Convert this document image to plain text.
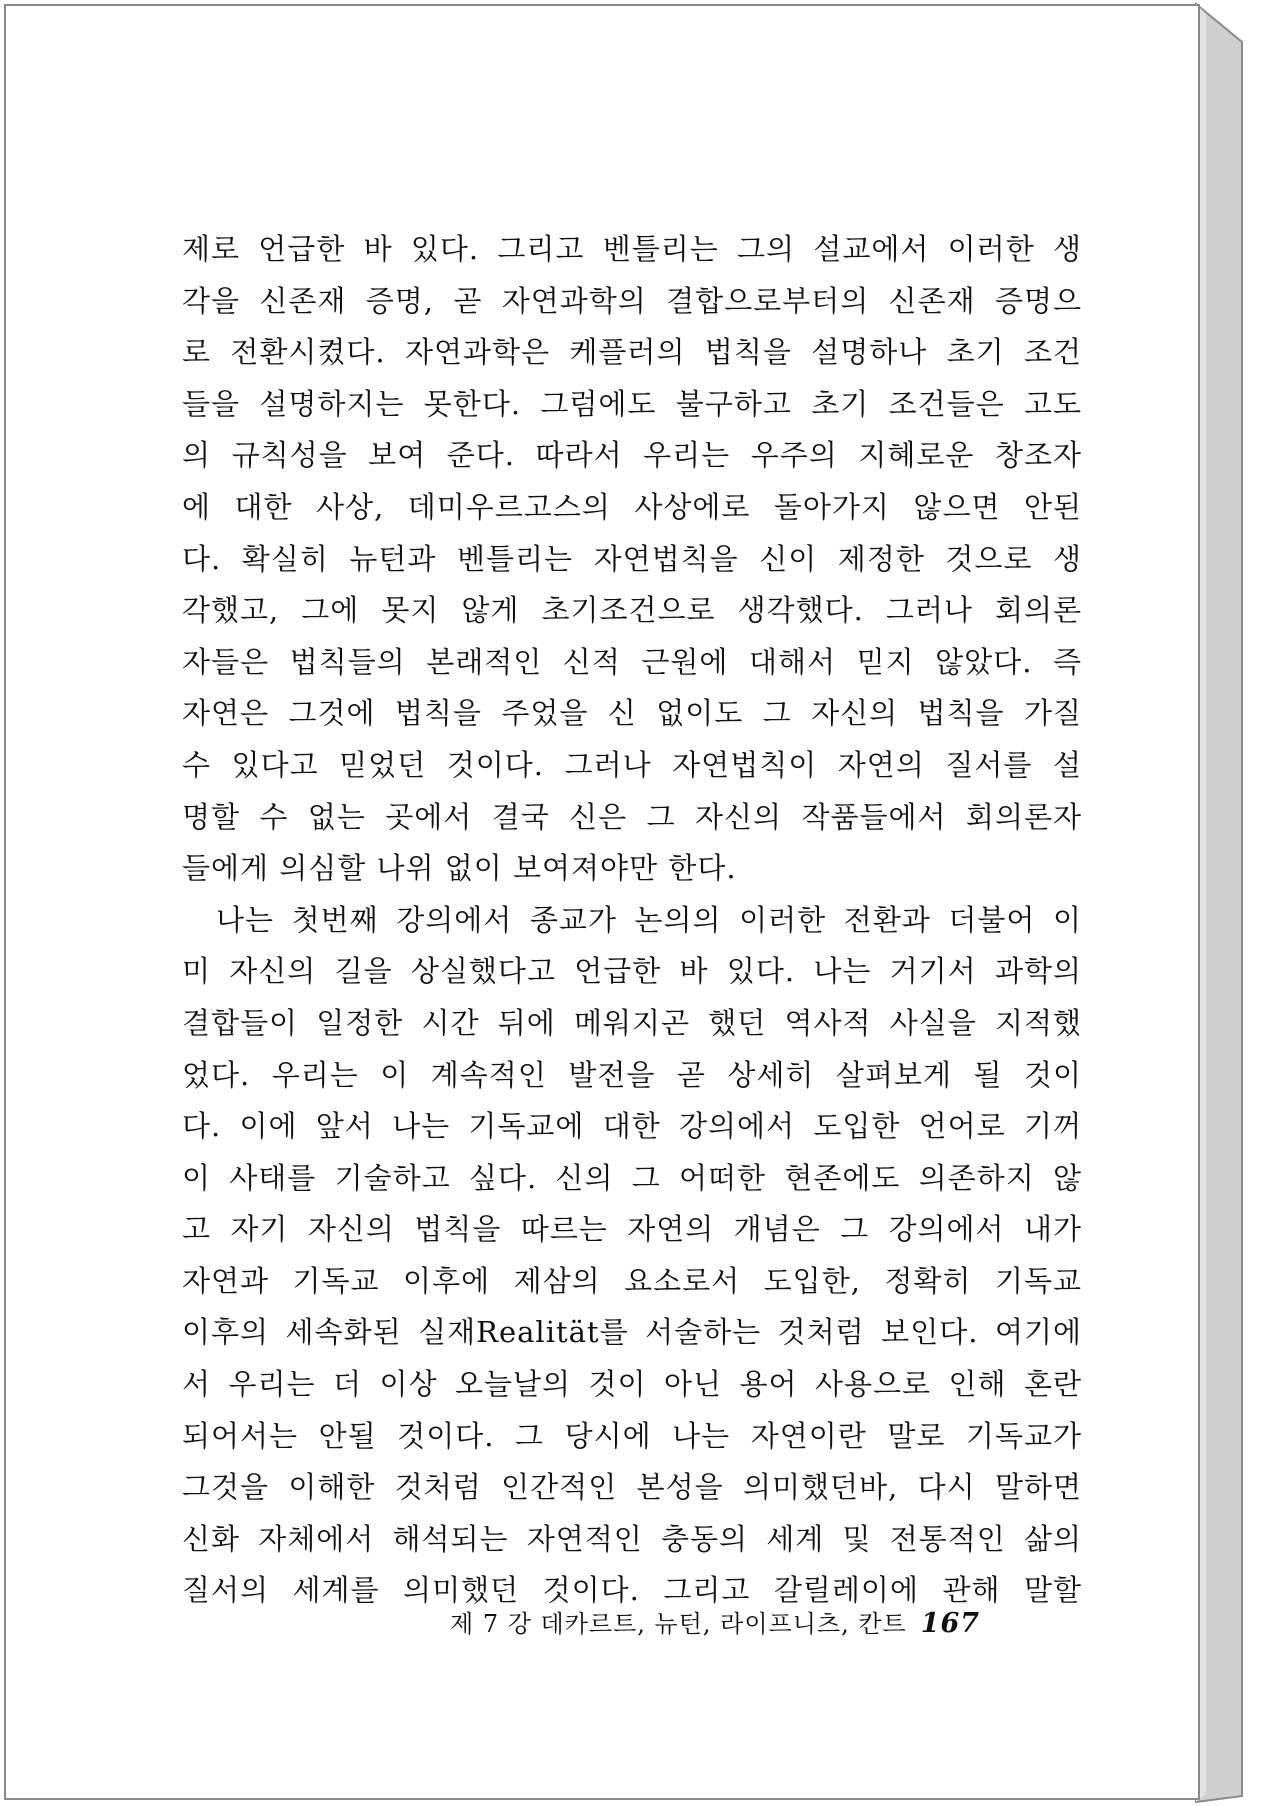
제로 언급한 바 있다. 그리고 벤틀리는 그의 설교에서 이러한 생
각을 신존재 증명, 곧 자연과학의 결합으로부터의 신존재 증명으
로 전환시켰다. 자연과학은 케플러의 법칙을 설명하나 초기 조건
들을 설명하지는 못한다. 그럼에도 불구하고 초기 조건들은 고도
의 규칙성을 보여 준다. 따라서 우리는 우주의 지혜로운 창조자
에 대한 사상, 데미우르고스의 사상에로 돌아가지 않으면 안된
다. 확실히 뉴턴과 벤틀리는 자연법칙을 신이 제정한 것으로 생
각했고, 그에 못지 않게 초기조건으로 생각했다. 그러나 회의론
자들은 법칙들의 본래적인 신적 근원에 대해서 믿지 않았다. 즉
자연은 그것에 법칙을 주었을 신 없이도 그 자신의 법칙을 가질
수 있다고 믿었던 것이다. 그러나 자연법칙이 자연의 질서를 설
명할 수 없는 곳에서 결국 신은 그 자신의 작품들에서 회의론자
들에게 의심할 나위 없이 보여져야만 한다.
나는 첫번째 강의에서 종교가 논의의 이러한 전환과 더불어 이
미 자신의 길을 상실했다고 언급한 바 있다. 나는 거기서 과학의
결합들이 일정한 시간 뒤에 메워지곤 했던 역사적 사실을 지적했
었다. 우리는 이 계속적인 발전을 곧 상세히 살펴보게 될 것이
다. 이에 앞서 나는 기독교에 대한 강의에서 도입한 언어로 기꺼
이 사태를 기술하고 싶다. 신의 그 어떠한 현존에도 의존하지 않
고 자기 자신의 법칙을 따르는 자연의 개념은 그 강의에서 내가
자연과 기독교 이후에 제삼의 요소로서 도입한, 정확히 기독교
이후의 세속화된 실재Realität를 서술하는 것처럼 보인다. 여기에
서 우리는 더 이상 오늘날의 것이 아닌 용어 사용으로 인해 혼란
되어서는 안될 것이다. 그 당시에 나는 자연이란 말로 기독교가
그것을 이해한 것처럼 인간적인 본성을 의미했던바, 다시 말하면
신화 자체에서 해석되는 자연적인 충동의 세계 및 전통적인 삶의
질서의 세계를 의미했던 것이다. 그리고 갈릴레이에 관해 말할
제 7 강 데카르트, 뉴턴, 라이프니츠, 칸트 167
